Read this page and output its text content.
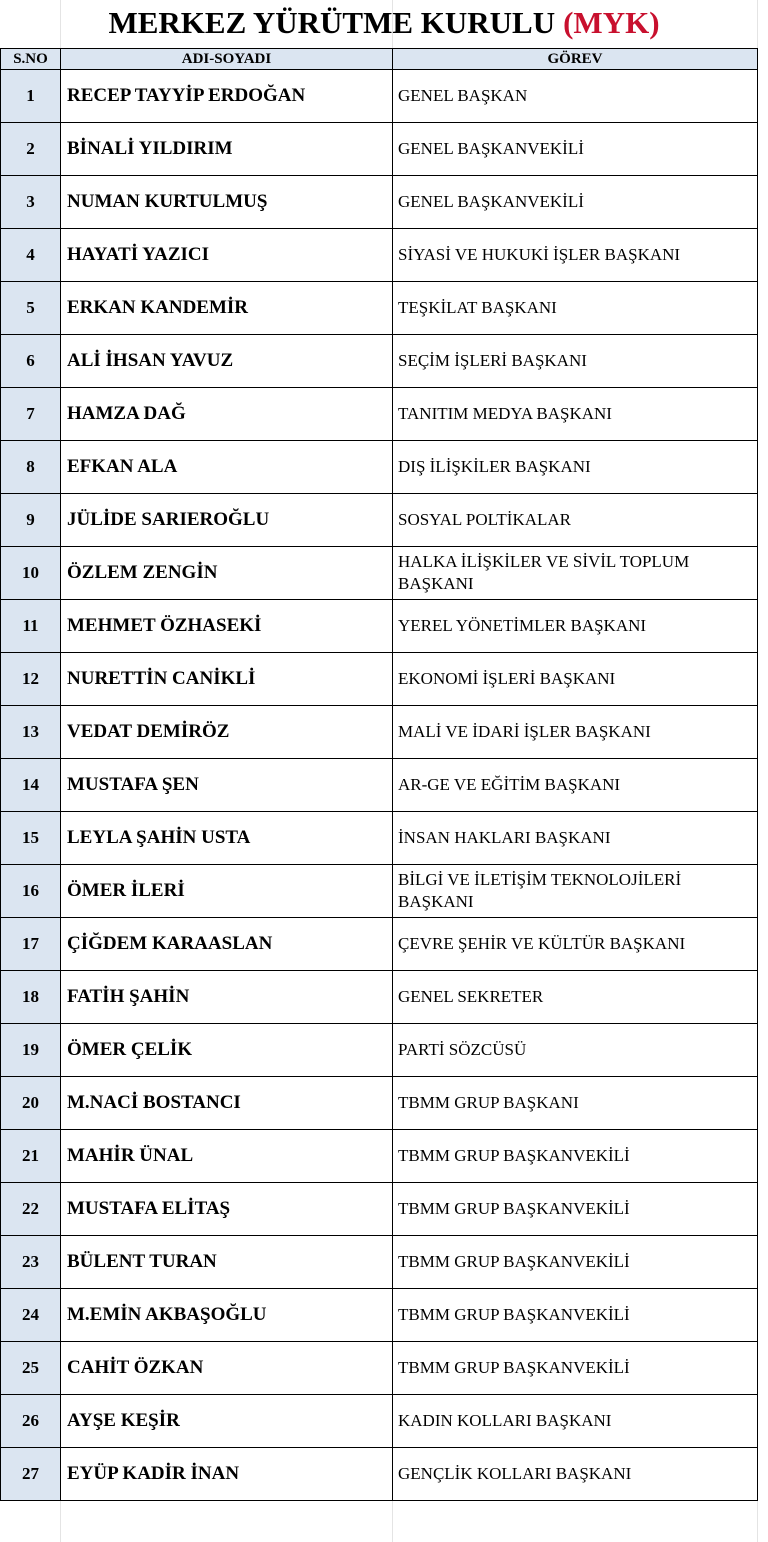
MERKEZ YÜRÜTME KURULU (MYK)
S.NO	ADI-SOYADI	GÖREV
1	RECEP TAYYİP ERDOĞAN	GENEL BAŞKAN
2	BİNALİ YILDIRIM	GENEL BAŞKANVEKİLİ
3	NUMAN KURTULMUŞ	GENEL BAŞKANVEKİLİ
4	HAYATİ YAZICI	SİYASİ VE HUKUKİ İŞLER BAŞKANI
5	ERKAN KANDEMİR	TEŞKİLAT BAŞKANI
6	ALİ İHSAN YAVUZ	SEÇİM İŞLERİ BAŞKANI
7	HAMZA DAĞ	TANITIM MEDYA BAŞKANI
8	EFKAN ALA	DIŞ İLİŞKİLER BAŞKANI
9	JÜLİDE SARIEROĞLU	SOSYAL POLTİKALAR
10	ÖZLEM ZENGİN	HALKA İLİŞKİLER VE SİVİL TOPLUM BAŞKANI
11	MEHMET ÖZHASEKİ	YEREL YÖNETİMLER BAŞKANI
12	NURETTİN CANİKLİ	EKONOMİ İŞLERİ BAŞKANI
13	VEDAT DEMİRÖZ	MALİ VE İDARİ İŞLER BAŞKANI
14	MUSTAFA ŞEN	AR-GE VE EĞİTİM BAŞKANI
15	LEYLA ŞAHİN USTA	İNSAN HAKLARI BAŞKANI
16	ÖMER İLERİ	BİLGİ VE İLETİŞİM TEKNOLOJİLERİ BAŞKANI
17	ÇİĞDEM KARAASLAN	ÇEVRE ŞEHİR VE KÜLTÜR BAŞKANI
18	FATİH ŞAHİN	GENEL SEKRETER
19	ÖMER ÇELİK	PARTİ SÖZCÜSÜ
20	M.NACİ BOSTANCI	TBMM GRUP BAŞKANI
21	MAHİR ÜNAL	TBMM GRUP BAŞKANVEKİLİ
22	MUSTAFA ELİTAŞ	TBMM GRUP BAŞKANVEKİLİ
23	BÜLENT TURAN	TBMM GRUP BAŞKANVEKİLİ
24	M.EMİN AKBAŞOĞLU	TBMM GRUP BAŞKANVEKİLİ
25	CAHİT ÖZKAN	TBMM GRUP BAŞKANVEKİLİ
26	AYŞE KEŞİR	KADIN KOLLARI BAŞKANI
27	EYÜP KADİR İNAN	GENÇLİK KOLLARI BAŞKANI
